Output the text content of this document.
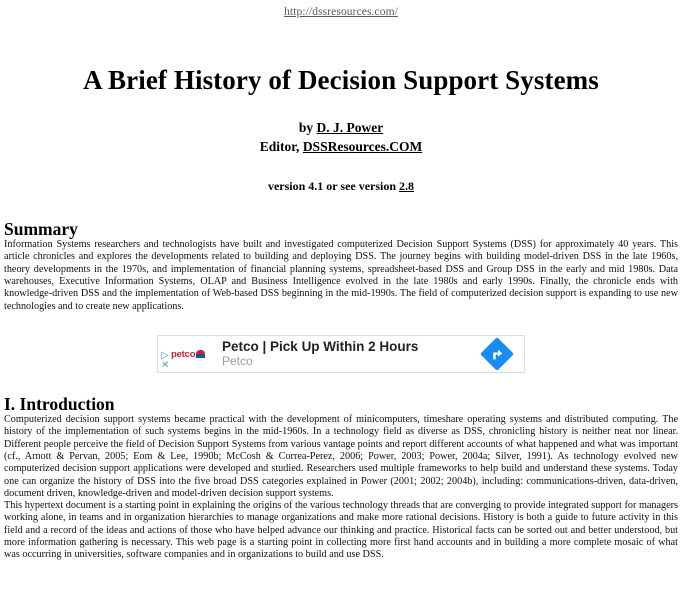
http://dssresources.com/
A Brief History of Decision Support Systems
by D. J. Power
Editor, DSSResources.COM
version 4.1 or see version 2.8
Summary

Information Systems researchers and technologists have built and investigated computerized Decision Support Systems (DSS) for approximately 40 years. This article chronicles and explores the developments related to building and deploying DSS. The journey begins with building model-driven DSS in the late 1960s, theory developments in the 1970s, and implementation of financial planning systems, spreadsheet-based DSS and Group DSS in the early and mid 1980s. Data warehouses, Executive Information Systems, OLAP and Business Intelligence evolved in the late 1980s and early 1990s. Finally, the chronicle ends with knowledge-driven DSS and the implementation of Web-based DSS beginning in the mid-1990s. The field of computerized decision support is expanding to use new technologies and to create new applications.

▷
✕
petco Petco | Pick Up Within 2 Hours
Petco
I. Introduction

Computerized decision support systems became practical with the development of minicomputers, timeshare operating systems and distributed computing. The history of the implementation of such systems begins in the mid-1960s. In a technology field as diverse as DSS, chronicling history is neither neat nor linear. Different people perceive the field of Decision Support Systems from various vantage points and report different accounts of what happened and what was important (cf., Arnott & Pervan, 2005; Eom & Lee, 1990b; McCosh & Correa-Perez, 2006; Power, 2003; Power, 2004a; Silver, 1991). As technology evolved new computerized decision support applications were developed and studied. Researchers used multiple frameworks to help build and understand these systems. Today one can organize the history of DSS into the five broad DSS categories explained in Power (2001; 2002; 2004b), including: communications-driven, data-driven, document driven, knowledge-driven and model-driven decision support systems.

This hypertext document is a starting point in explaining the origins of the various technology threads that are converging to provide integrated support for managers working alone, in teams and in organization hierarchies to manage organizations and make more rational decisions. History is both a guide to future activity in this field and a record of the ideas and actions of those who have helped advance our thinking and practice. Historical facts can be sorted out and better understood, but more information gathering is necessary. This web page is a starting point in collecting more first hand accounts and in building a more complete mosaic of what was occurring in universities, software companies and in organizations to build and use DSS.
